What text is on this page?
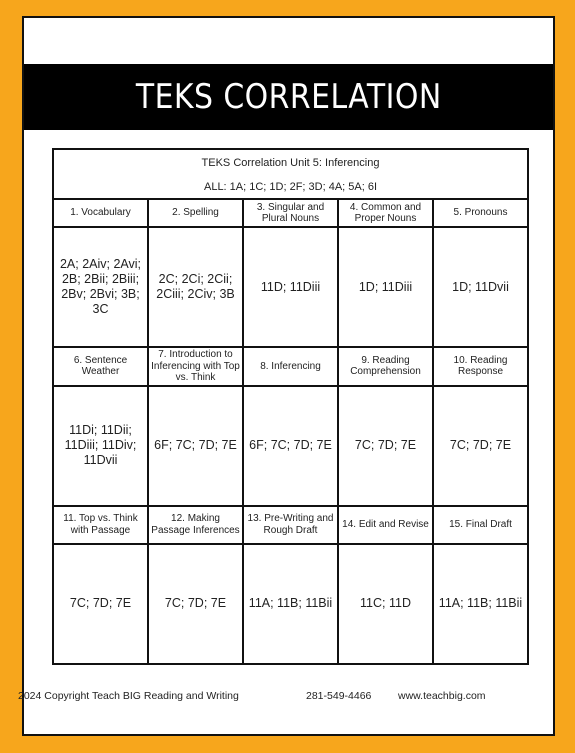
TEKS CORRELATION
TEKS Correlation Unit 5: Inferencing
ALL: 1A; 1C; 1D; 2F; 3D; 4A; 5A; 6I				

1. Vocabulary	2. Spelling	3. Singular and Plural Nouns	4. Common and Proper Nouns	5. Pronouns
2A; 2Aiv; 2Avi; 2B; 2Bii; 2Biii; 2Bv; 2Bvi; 3B; 3C	2C; 2Ci; 2Cii; 2Ciii; 2Civ; 3B	11D; 11Diii	1D; 11Diii	1D; 11Dvii
6. Sentence Weather	7. Introduction to Inferencing with Top vs. Think	8. Inferencing	9. Reading Comprehension	10. Reading Response
11Di; 11Dii; 11Diii; 11Div; 11Dvii	6F; 7C; 7D; 7E	6F; 7C; 7D; 7E	7C; 7D; 7E	7C; 7D; 7E
11. Top vs. Think with Passage	12. Making Passage Inferences	13. Pre-Writing and Rough Draft	14. Edit and Revise	15. Final Draft
7C; 7D; 7E	7C; 7D; 7E	11A; 11B; 11Bii	11C; 11D	11A; 11B; 11Bii
2024 Copyright Teach BIG Reading and Writing	281-549-4466	www.teachbig.com
